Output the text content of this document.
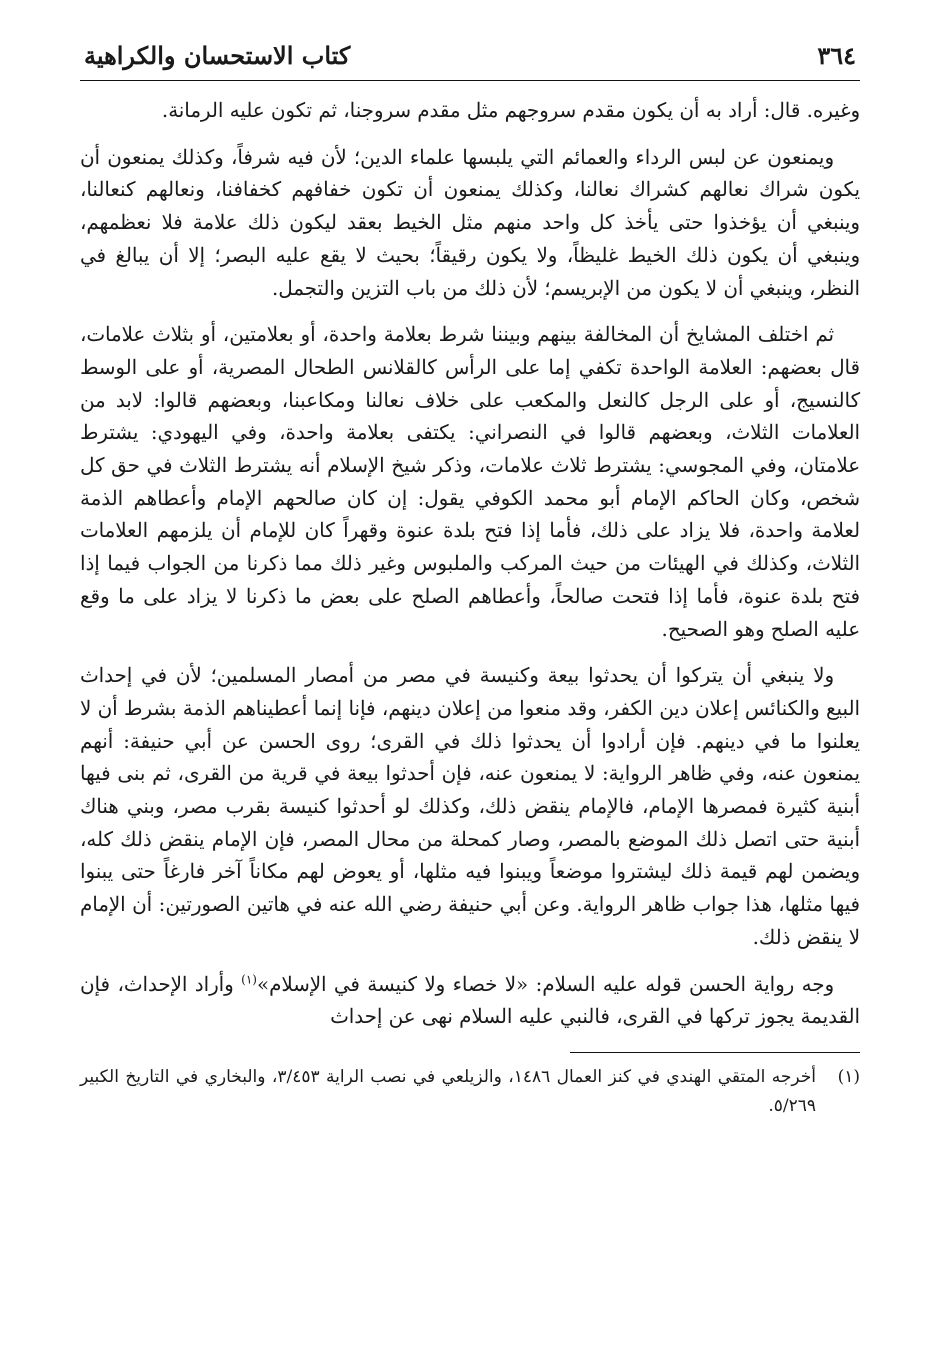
٣٦٤
كتاب الاستحسان والكراهية

وغيره. قال: أراد به أن يكون مقدم سروجهم مثل مقدم سروجنا، ثم تكون عليه الرمانة.

ويمنعون عن لبس الرداء والعمائم التي يلبسها علماء الدين؛ لأن فيه شرفاً، وكذلك يمنعون أن يكون شراك نعالهم كشراك نعالنا، وكذلك يمنعون أن تكون خفافهم كخفافنا، ونعالهم كنعالنا، وينبغي أن يؤخذوا حتى يأخذ كل واحد منهم مثل الخيط بعقد ليكون ذلك علامة فلا نعظمهم، وينبغي أن يكون ذلك الخيط غليظاً، ولا يكون رقيقاً؛ بحيث لا يقع عليه البصر؛ إلا أن يبالغ في النظر، وينبغي أن لا يكون من الإبريسم؛ لأن ذلك من باب التزين والتجمل.

ثم اختلف المشايخ أن المخالفة بينهم وبيننا شرط بعلامة واحدة، أو بعلامتين، أو بثلاث علامات، قال بعضهم: العلامة الواحدة تكفي إما على الرأس كالقلانس الطحال المصرية، أو على الوسط كالنسيج، أو على الرجل كالنعل والمكعب على خلاف نعالنا ومكاعبنا، وبعضهم قالوا: لابد من العلامات الثلاث، وبعضهم قالوا في النصراني: يكتفى بعلامة واحدة، وفي اليهودي: يشترط علامتان، وفي المجوسي: يشترط ثلاث علامات، وذكر شيخ الإسلام أنه يشترط الثلاث في حق كل شخص، وكان الحاكم الإمام أبو محمد الكوفي يقول: إن كان صالحهم الإمام وأعطاهم الذمة لعلامة واحدة، فلا يزاد على ذلك، فأما إذا فتح بلدة عنوة وقهراً كان للإمام أن يلزمهم العلامات الثلاث، وكذلك في الهيئات من حيث المركب والملبوس وغير ذلك مما ذكرنا من الجواب فيما إذا فتح بلدة عنوة، فأما إذا فتحت صالحاً، وأعطاهم الصلح على بعض ما ذكرنا لا يزاد على ما وقع عليه الصلح وهو الصحيح.

ولا ينبغي أن يتركوا أن يحدثوا بيعة وكنيسة في مصر من أمصار المسلمين؛ لأن في إحداث البيع والكنائس إعلان دين الكفر، وقد منعوا من إعلان دينهم، فإنا إنما أعطيناهم الذمة بشرط أن لا يعلنوا ما في دينهم. فإن أرادوا أن يحدثوا ذلك في القرى؛ روى الحسن عن أبي حنيفة: أنهم يمنعون عنه، وفي ظاهر الرواية: لا يمنعون عنه، فإن أحدثوا بيعة في قرية من القرى، ثم بنى فيها أبنية كثيرة فمصرها الإمام، فالإمام ينقض ذلك، وكذلك لو أحدثوا كنيسة بقرب مصر، وبني هناك أبنية حتى اتصل ذلك الموضع بالمصر، وصار كمحلة من محال المصر، فإن الإمام ينقض ذلك كله، ويضمن لهم قيمة ذلك ليشتروا موضعاً ويبنوا فيه مثلها، أو يعوض لهم مكاناً آخر فارغاً حتى يبنوا فيها مثلها، هذا جواب ظاهر الرواية. وعن أبي حنيفة رضي الله عنه في هاتين الصورتين: أن الإمام لا ينقض ذلك.

وجه رواية الحسن قوله عليه السلام: «لا خصاء ولا كنيسة في الإسلام»$^{(١)}$ وأراد الإحداث، فإن القديمة يجوز تركها في القرى، فالنبي عليه السلام نهى عن إحداث

(١)
أخرجه المتقي الهندي في كنز العمال ١٤٨٦، والزيلعي في نصب الراية ٣/٤٥٣، والبخاري في التاريخ الكبير ٥/٢٦٩.
